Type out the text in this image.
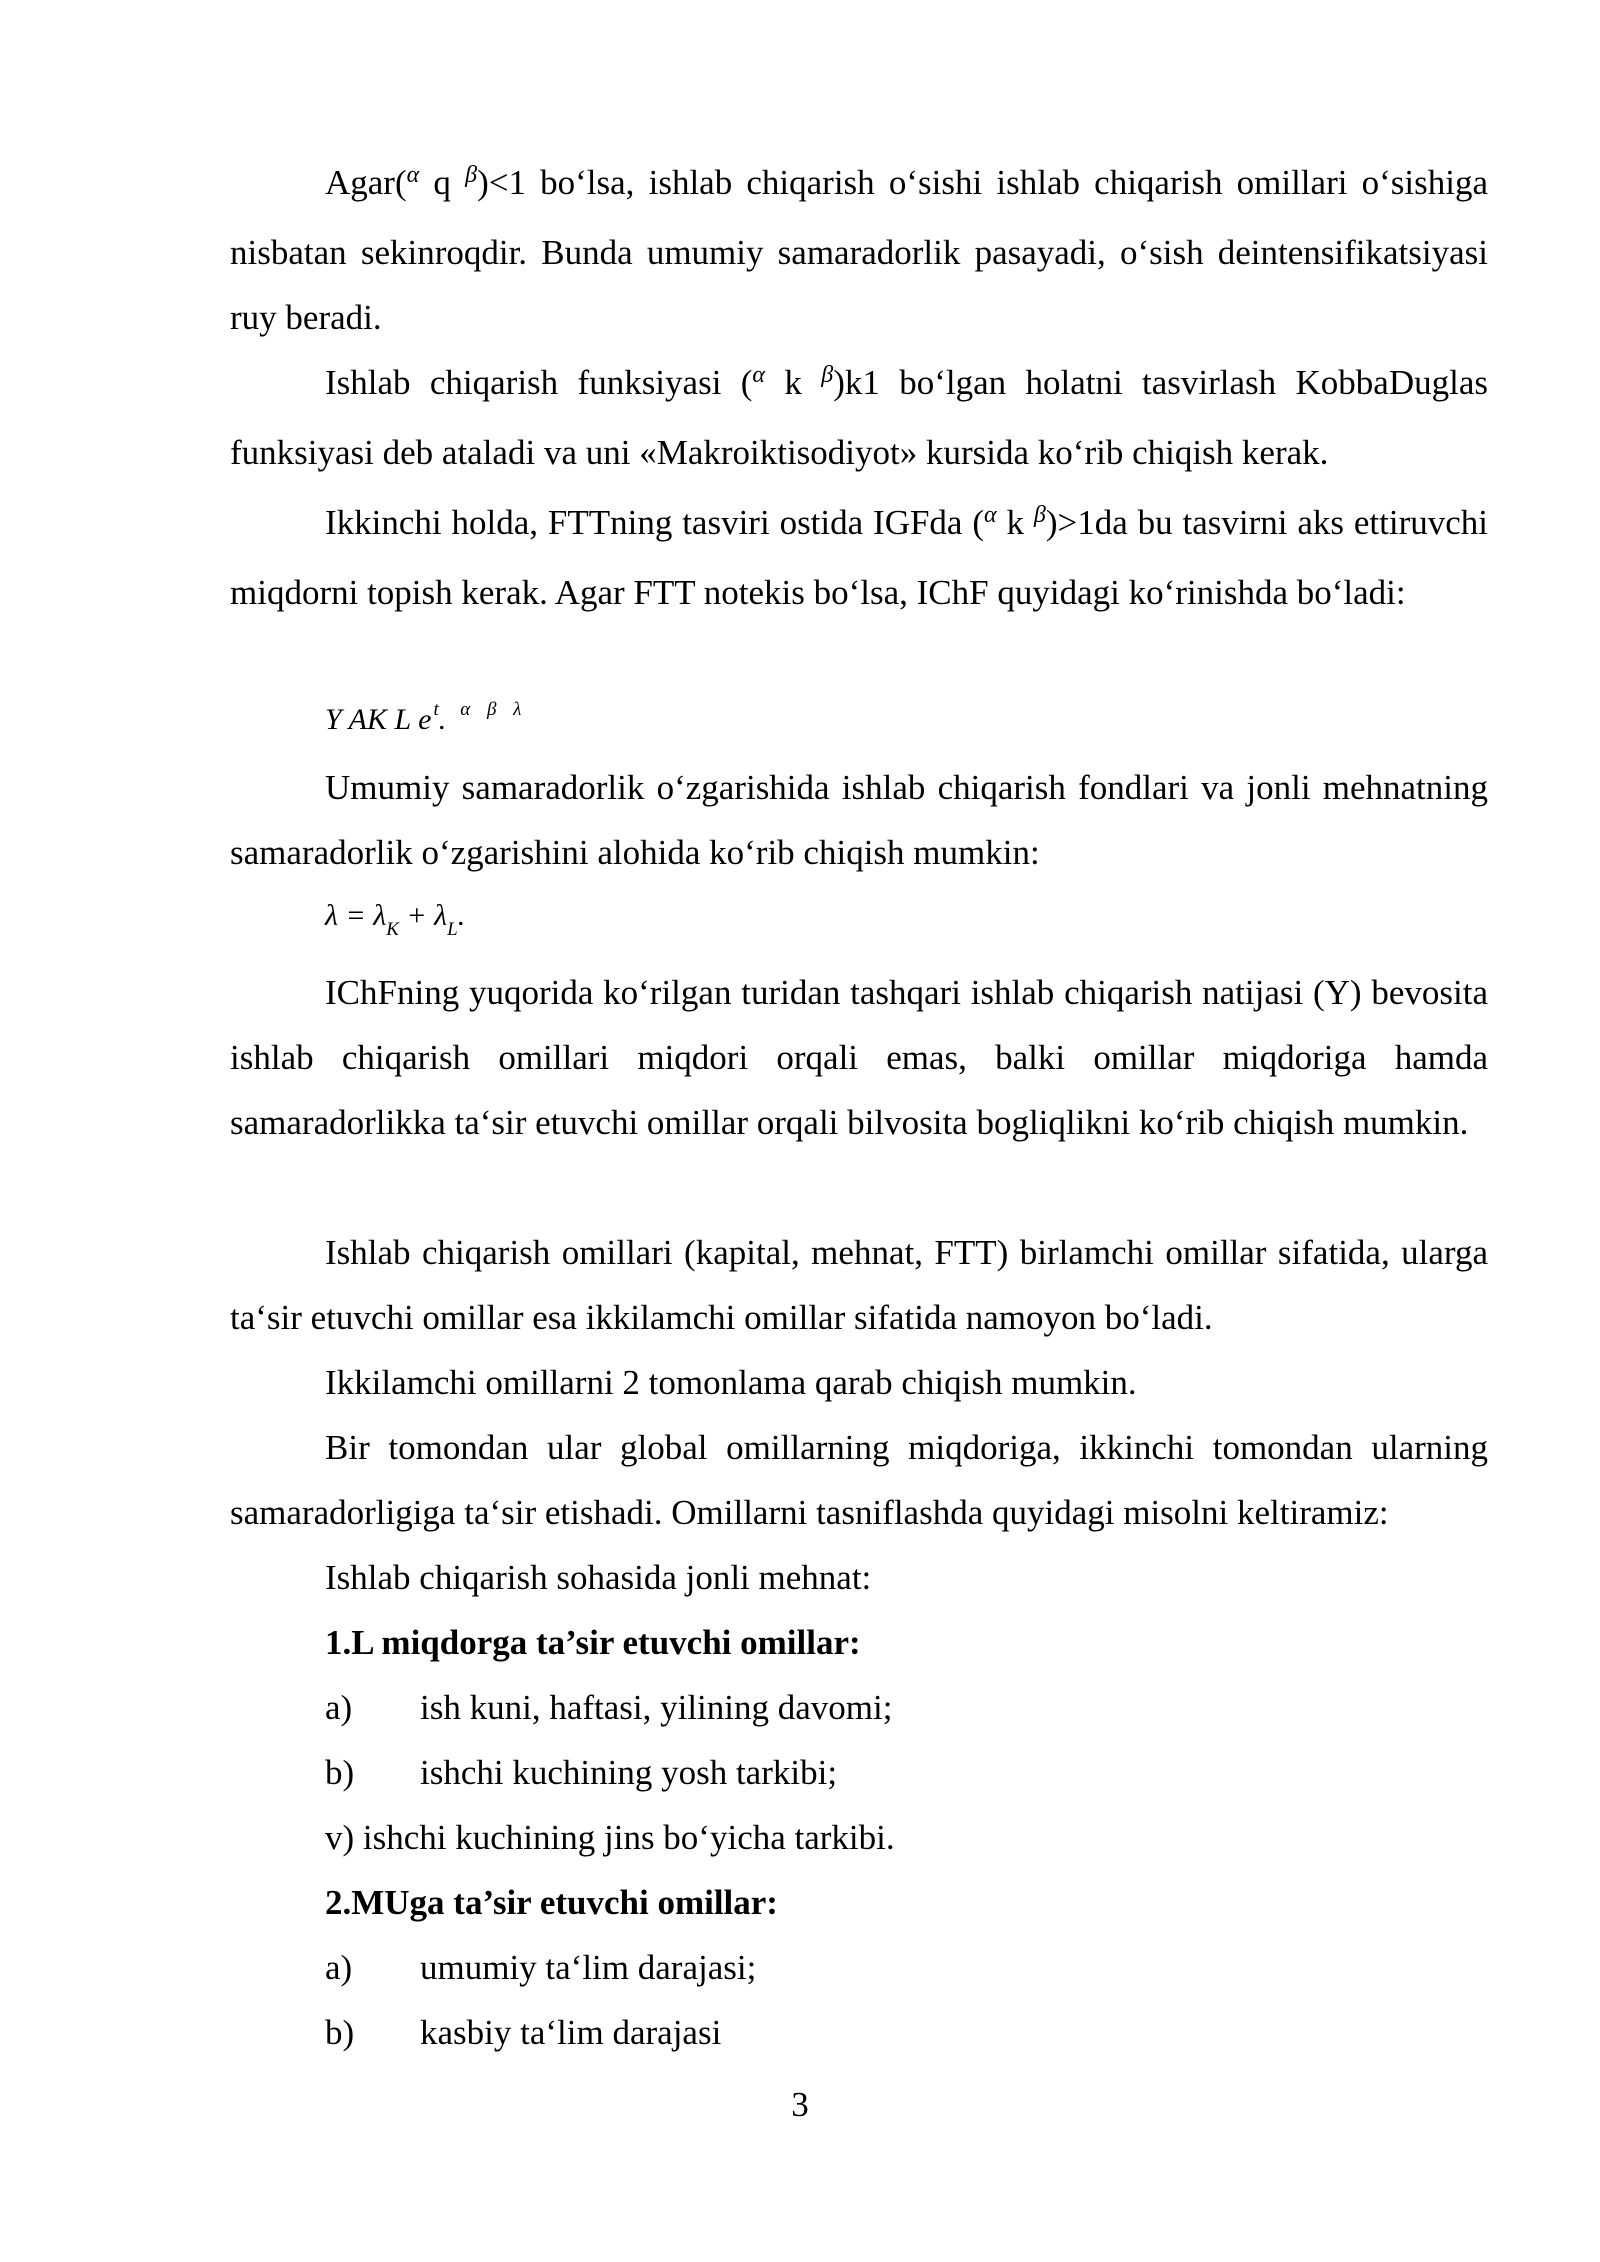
Agar($^\alpha$ q $^\beta$)<1 bo‘lsa, ishlab chiqarish o‘sishi ishlab chiqarish omillari o‘sishiga nisbatan sekinroqdir. Bunda umumiy samaradorlik pasayadi, o‘sish deintensifikatsiyasi ruy beradi.

Ishlab chiqarish funksiyasi ($^\alpha$ k $^\beta$)k1 bo‘lgan holatni tasvirlash KobbaDuglas funksiyasi deb ataladi va uni «Makroiktisodiyot» kursida ko‘rib chiqish kerak.

Ikkinchi holda, FTTning tasviri ostida IGFda ($^\alpha$ k $^\beta$)>1da bu tasvirni aks ettiruvchi miqdorni topish kerak. Agar FTT notekis bo‘lsa, IChF quyidagi ko‘rinishda bo‘ladi:

Y AK L e $^t$. $^{\alpha \beta \lambda}$

Umumiy samaradorlik o‘zgarishida ishlab chiqarish fondlari va jonli mehnatning samaradorlik o‘zgarishini alohida ko‘rib chiqish mumkin:

$\lambda = \lambda_K + \lambda_L$.

IChFning yuqorida ko‘rilgan turidan tashqari ishlab chiqarish natijasi (Y) bevosita ishlab chiqarish omillari miqdori orqali emas, balki omillar miqdoriga hamda samaradorlikka ta‘sir etuvchi omillar orqali bilvosita bogliqlikni ko‘rib chiqish mumkin.

Ishlab chiqarish omillari (kapital, mehnat, FTT) birlamchi omillar sifatida, ularga ta‘sir etuvchi omillar esa ikkilamchi omillar sifatida namoyon bo‘ladi.

Ikkilamchi omillarni 2 tomonlama qarab chiqish mumkin.

Bir tomondan ular global omillarning miqdoriga, ikkinchi tomondan ularning samaradorligiga ta‘sir etishadi. Omillarni tasniflashda quyidagi misolni keltiramiz:

Ishlab chiqarish sohasida jonli mehnat:

1.L miqdorga ta’sir etuvchi omillar:

a) ish kuni, haftasi, yilining davomi;
b) ishchi kuchining yosh tarkibi;

v) ishchi kuchining jins bo‘yicha tarkibi.

2.MUga ta’sir etuvchi omillar:

a) umumiy ta‘lim darajasi;
b) kasbiy ta‘lim darajasi
3
